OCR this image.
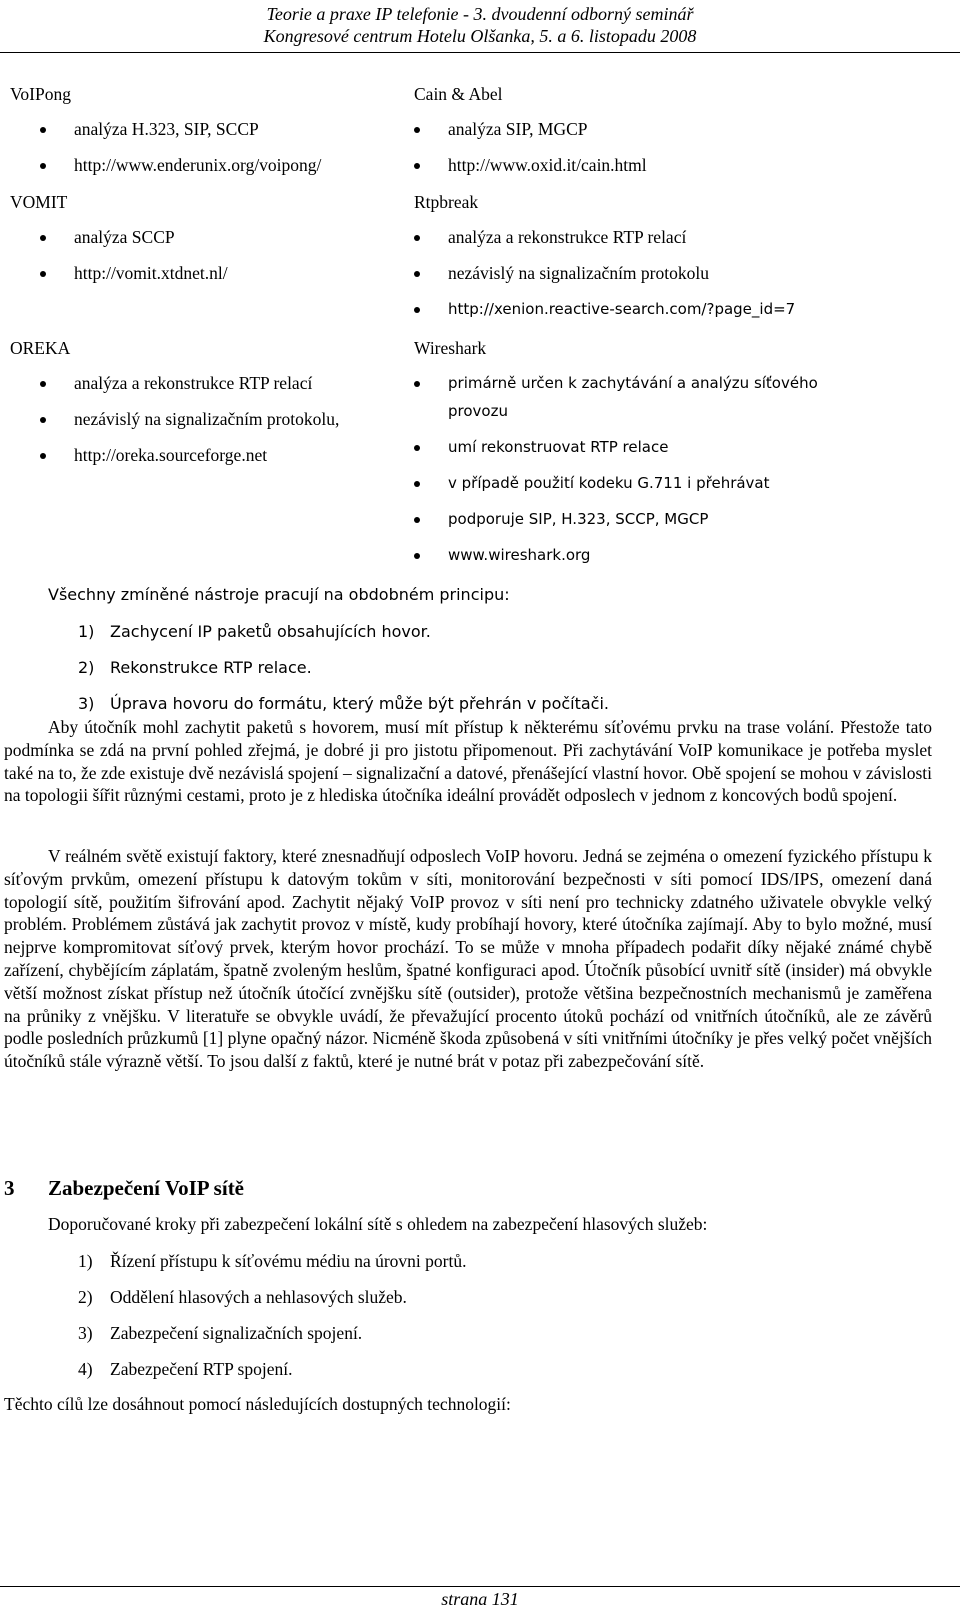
Teorie a praxe IP telefonie - 3. dvoudenní odborný seminář
Kongresové centrum Hotelu Olšanka, 5. a 6. listopadu 2008
VoIPong
analýza H.323, SIP, SCCP
http://www.enderunix.org/voipong/
VOMIT
analýza SCCP
http://vomit.xtdnet.nl/
OREKA
analýza a rekonstrukce RTP relací
nezávislý na signalizačním protokolu,
http://oreka.sourceforge.net
Cain & Abel
analýza SIP, MGCP
http://www.oxid.it/cain.html
Rtpbreak
analýza a rekonstrukce RTP relací
nezávislý na signalizačním protokolu
http://xenion.reactive-search.com/?page_id=7
Wireshark
primárně určen k zachytávání a analýzu síťového
provozu
umí rekonstruovat RTP relace
v případě použití kodeku G.711 i přehrávat
podporuje SIP, H.323, SCCP, MGCP
www.wireshark.org
Všechny zmíněné nástroje pracují na obdobném principu:
1) Zachycení IP paketů obsahujících hovor.
2) Rekonstrukce RTP relace.
3) Úprava hovoru do formátu, který může být přehrán v počítači.

Aby útočník mohl zachytit paketů s hovorem, musí mít přístup k některému síťovému prvku na trase volání. Přestože tato podmínka se zdá na první pohled zřejmá, je dobré ji pro jistotu připomenout. Při zachytávání VoIP komunikace je potřeba myslet také na to, že zde existuje dvě nezávislá spojení – signalizační a datové, přenášející vlastní hovor. Obě spojení se mohou v závislosti na topologii šířit různými cestami, proto je z hlediska útočníka ideální provádět odposlech v jednom z koncových bodů spojení.

V reálném světě existují faktory, které znesnadňují odposlech VoIP hovoru. Jedná se zejména o omezení fyzického přístupu k síťovým prvkům, omezení přístupu k datovým tokům v síti, monitorování bezpečnosti v síti pomocí IDS/IPS, omezení daná topologií sítě, použitím šifrování apod. Zachytit nějaký VoIP provoz v síti není pro technicky zdatného uživatele obvykle velký problém. Problémem zůstává jak zachytit provoz v místě, kudy probíhají hovory, které útočníka zajímají. Aby to bylo možné, musí nejprve kompromitovat síťový prvek, kterým hovor prochází. To se může v mnoha případech podařit díky nějaké známé chybě zařízení, chybějícím záplatám, špatně zvoleným heslům, špatné konfiguraci apod. Útočník působící uvnitř sítě (insider) má obvykle větší možnost získat přístup než útočník útočící zvnějšku sítě (outsider), protože většina bezpečnostních mechanismů je zaměřena na průniky z vnějšku. V literatuře se obvykle uvádí, že převažující procento útoků pochází od vnitřních útočníků, ale ze závěrů podle posledních průzkumů [1] plyne opačný názor. Nicméně škoda způsobená v síti vnitřními útočníky je přes velký počet vnějších útočníků stále výrazně větší. To jsou další z faktů, které je nutné brát v potaz při zabezpečování sítě.

3 Zabezpečení VoIP sítě
Doporučované kroky při zabezpečení lokální sítě s ohledem na zabezpečení hlasových služeb:
1) Řízení přístupu k síťovému médiu na úrovni portů.
2) Oddělení hlasových a nehlasových služeb.
3) Zabezpečení signalizačních spojení.
4) Zabezpečení RTP spojení.
Těchto cílů lze dosáhnout pomocí následujících dostupných technologií:
strana 131
